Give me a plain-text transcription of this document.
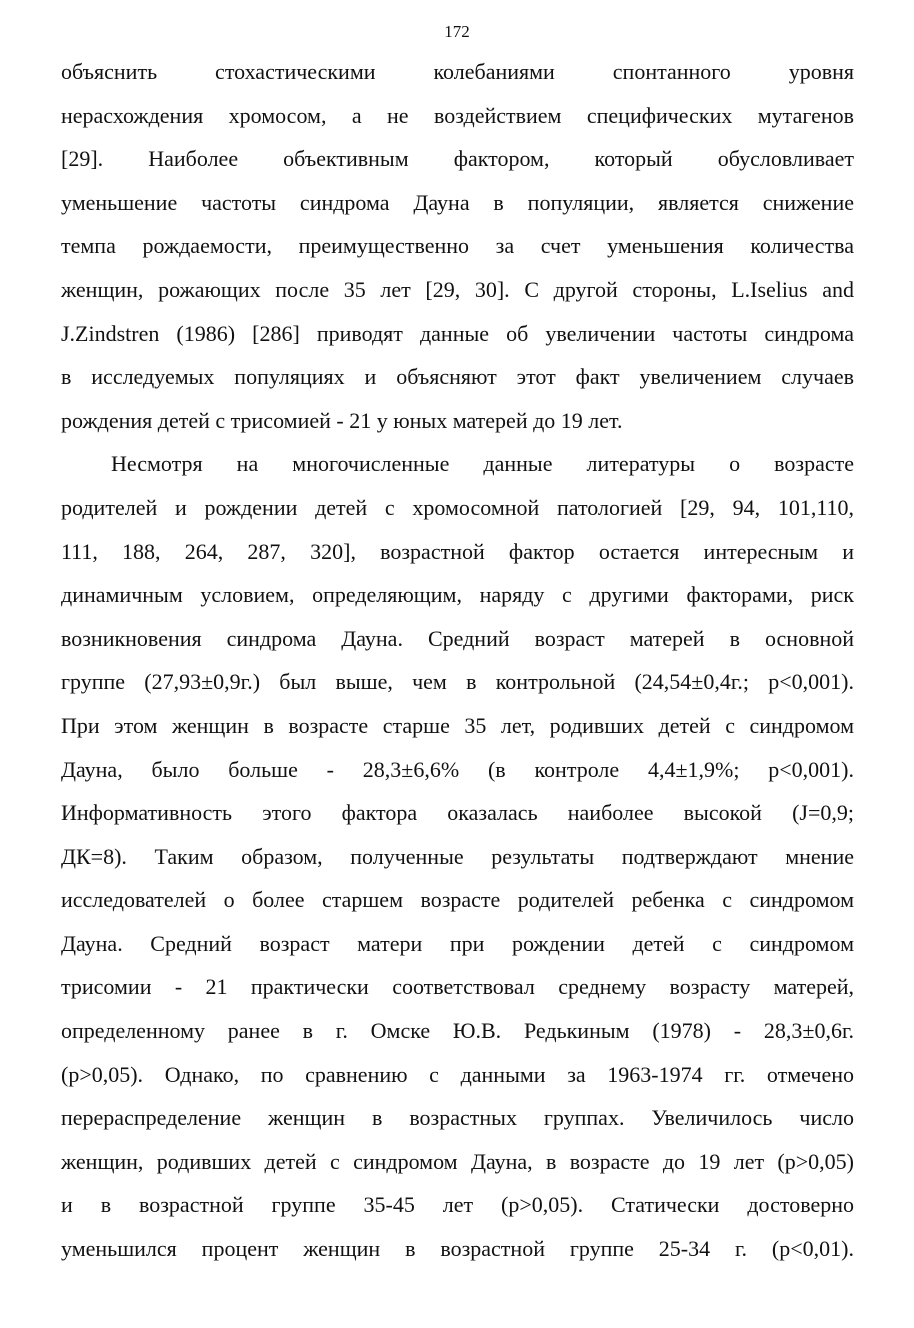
172
объяснить стохастическими колебаниями спонтанного уровня
нерасхождения хромосом, а не воздействием специфических мутагенов
[29]. Наиболее объективным фактором, который обусловливает
уменьшение частоты синдрома Дауна в популяции, является снижение
темпа рождаемости, преимущественно за счет уменьшения количества
женщин, рожающих после 35 лет [29, 30]. С другой стороны, L.Iselius and
J.Zindstren (1986) [286] приводят данные об увеличении частоты синдрома
в исследуемых популяциях и объясняют этот факт увеличением случаев
рождения детей с трисомией - 21 у юных матерей до 19 лет.
Несмотря на многочисленные данные литературы о возрасте
родителей и рождении детей с хромосомной патологией [29, 94, 101,110,
111, 188, 264, 287, 320], возрастной фактор остается интересным и
динамичным условием, определяющим, наряду с другими факторами, риск
возникновения синдрома Дауна. Средний возраст матерей в основной
группе (27,93±0,9г.) был выше, чем в контрольной (24,54±0,4г.; р<0,001).
При этом женщин в возрасте старше 35 лет, родивших детей с синдромом
Дауна, было больше - 28,3±6,6% (в контроле 4,4±1,9%; р<0,001).
Информативность этого фактора оказалась наиболее высокой (J=0,9;
ДК=8). Таким образом, полученные результаты подтверждают мнение
исследователей о более старшем возрасте родителей ребенка с синдромом
Дауна. Средний возраст матери при рождении детей с синдромом
трисомии - 21 практически соответствовал среднему возрасту матерей,
определенному ранее в г. Омске Ю.В. Редькиным (1978) - 28,3±0,6г.
(р>0,05). Однако, по сравнению с данными за 1963-1974 гг. отмечено
перераспределение женщин в возрастных группах. Увеличилось число
женщин, родивших детей с синдромом Дауна, в возрасте до 19 лет (р>0,05)
и в возрастной группе 35-45 лет (р>0,05). Статически достоверно
уменьшился процент женщин в возрастной группе 25-34 г. (р<0,01).
